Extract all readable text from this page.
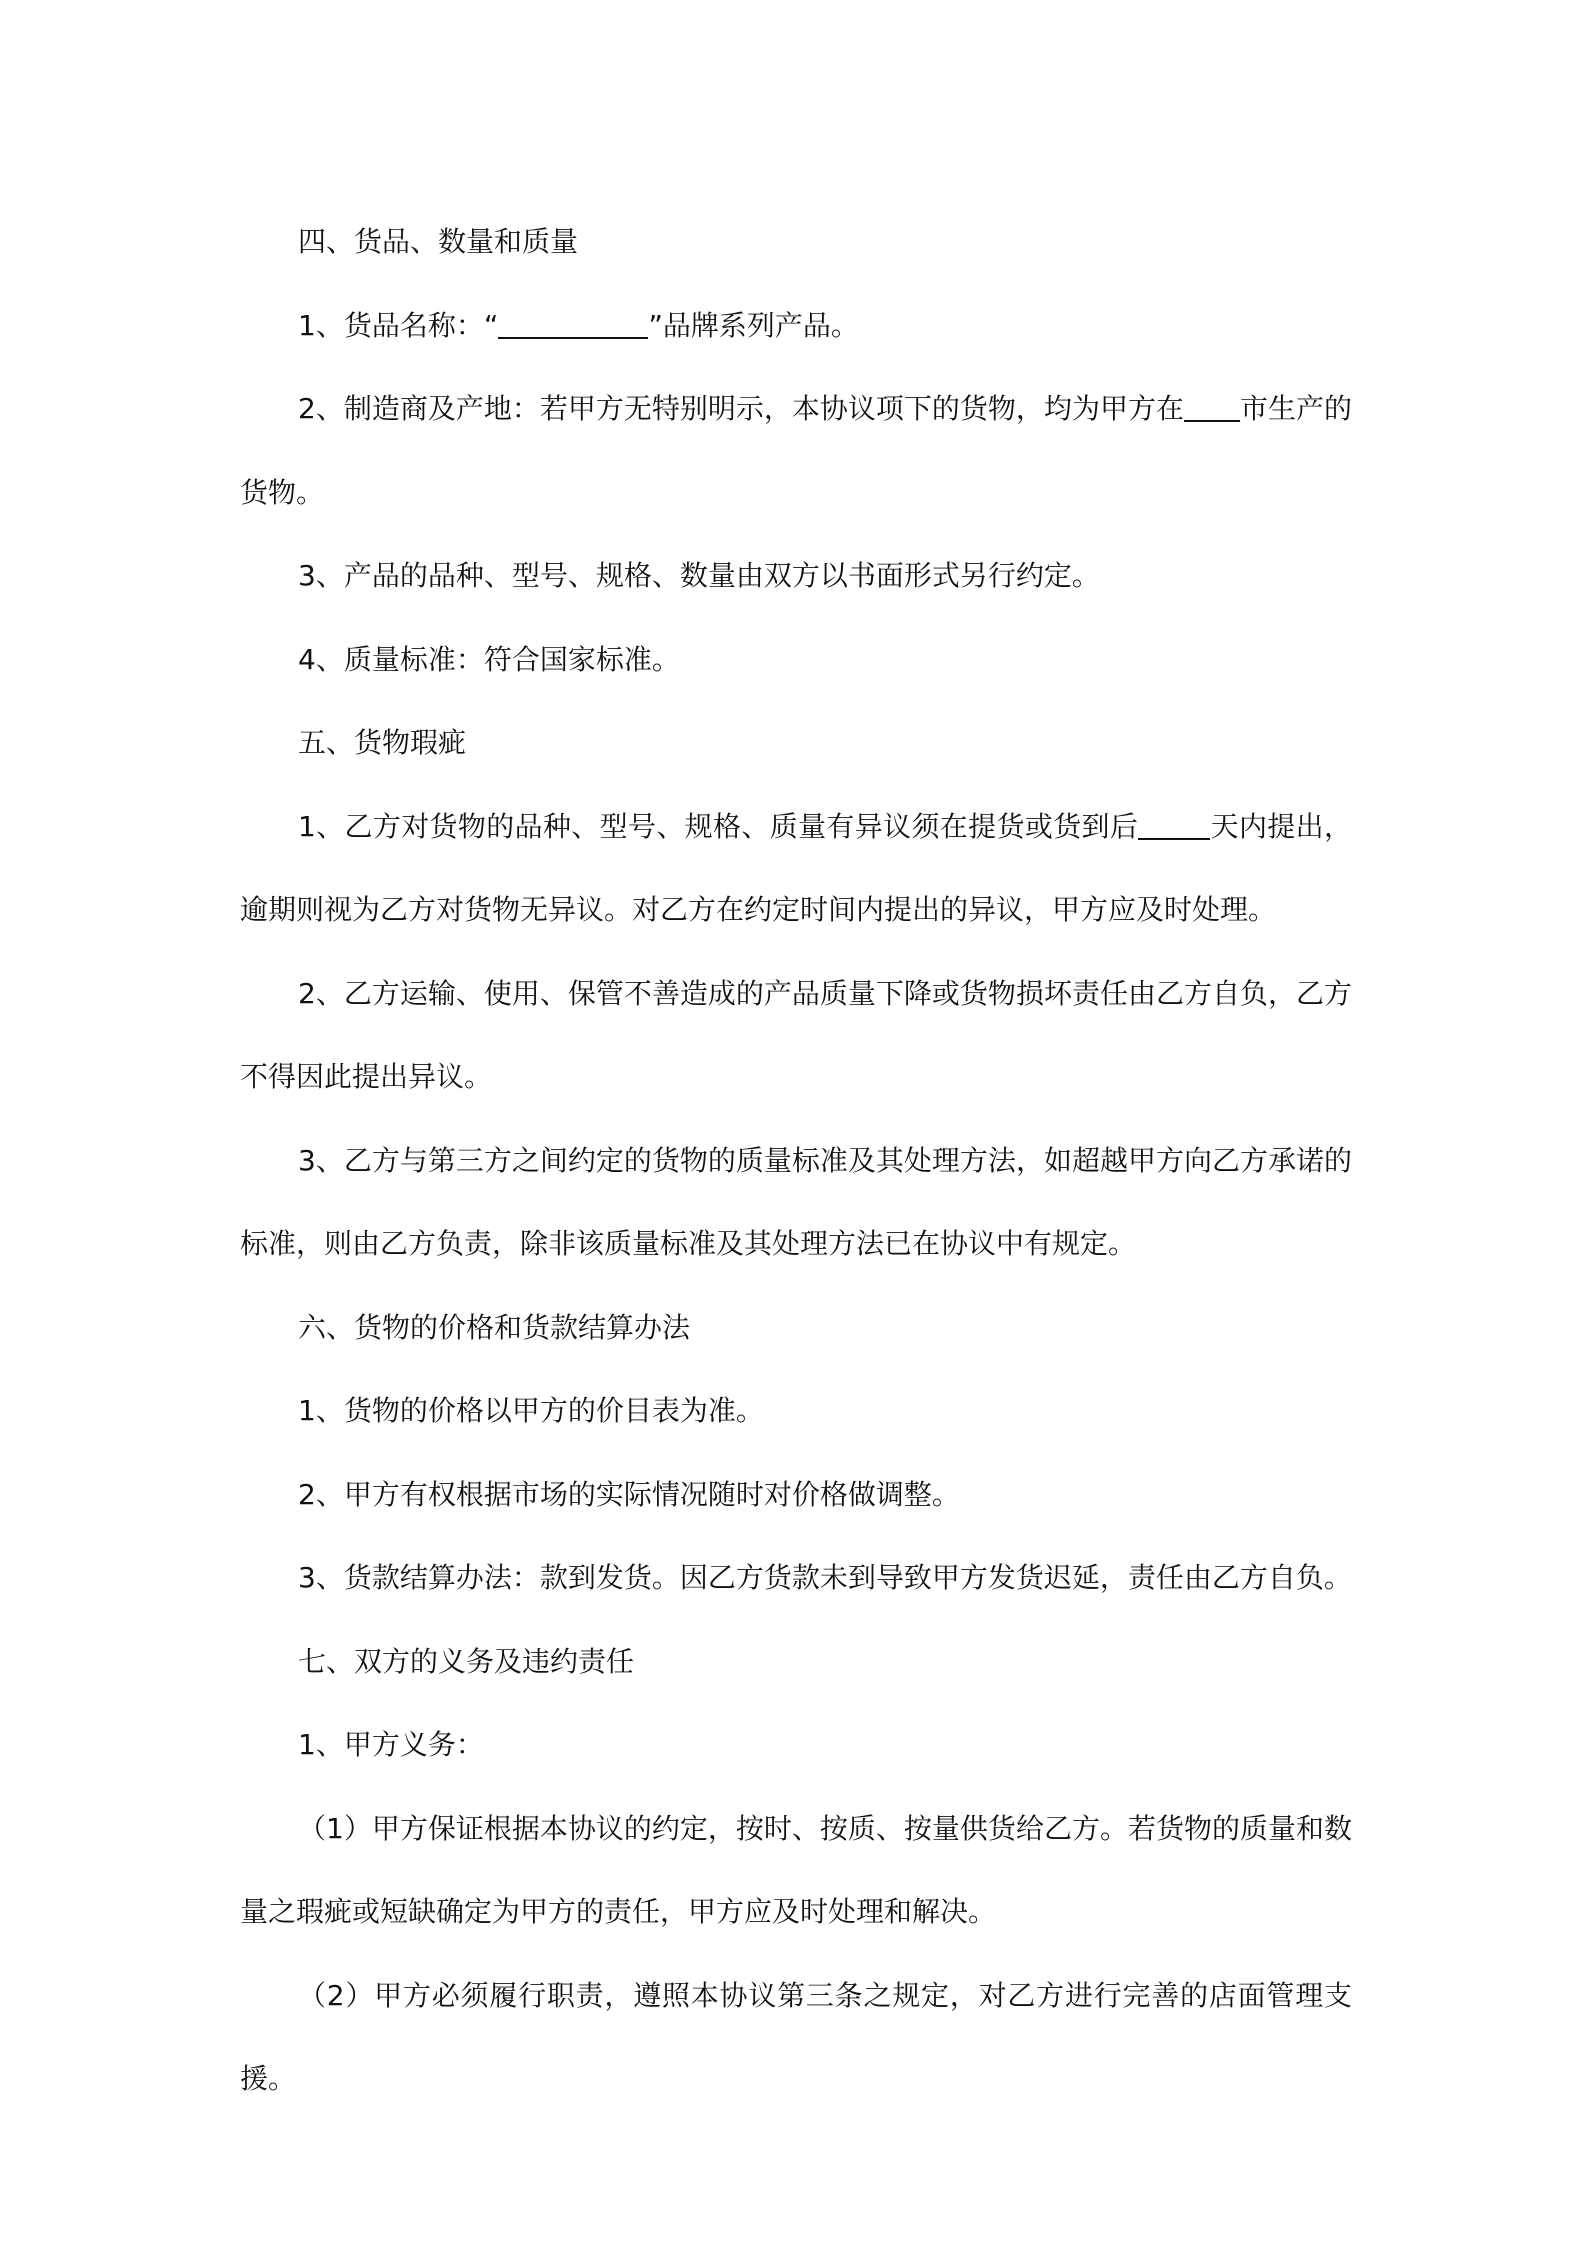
四、货品、数量和质量

1、货品名称：“	”品牌系列产品。

2、制造商及产地：若甲方无特别明示，本协议项下的货物，均为甲方在 市生产的货物。

3、产品的品种、型号、规格、数量由双方以书面形式另行约定。

4、质量标准：符合国家标准。

五、货物瑕疵

1、乙方对货物的品种、型号、规格、质量有异议须在提货或货到后	天内提出，逾期则视为乙方对货物无异议。对乙方在约定时间内提出的异议，甲方应及时处理。

2、乙方运输、使用、保管不善造成的产品质量下降或货物损坏责任由乙方自负，乙方不得因此提出异议。

3、乙方与第三方之间约定的货物的质量标准及其处理方法，如超越甲方向乙方承诺的标准，则由乙方负责，除非该质量标准及其处理方法已在协议中有规定。

六、货物的价格和货款结算办法

1、货物的价格以甲方的价目表为准。

2、甲方有权根据市场的实际情况随时对价格做调整。

3、货款结算办法：款到发货。因乙方货款未到导致甲方发货迟延，责任由乙方自负。

七、双方的义务及违约责任

1、甲方义务：

（1）甲方保证根据本协议的约定，按时、按质、按量供货给乙方。若货物的质量和数量之瑕疵或短缺确定为甲方的责任，甲方应及时处理和解决。

（2）甲方必须履行职责，遵照本协议第三条之规定，对乙方进行完善的店面管理支援。
